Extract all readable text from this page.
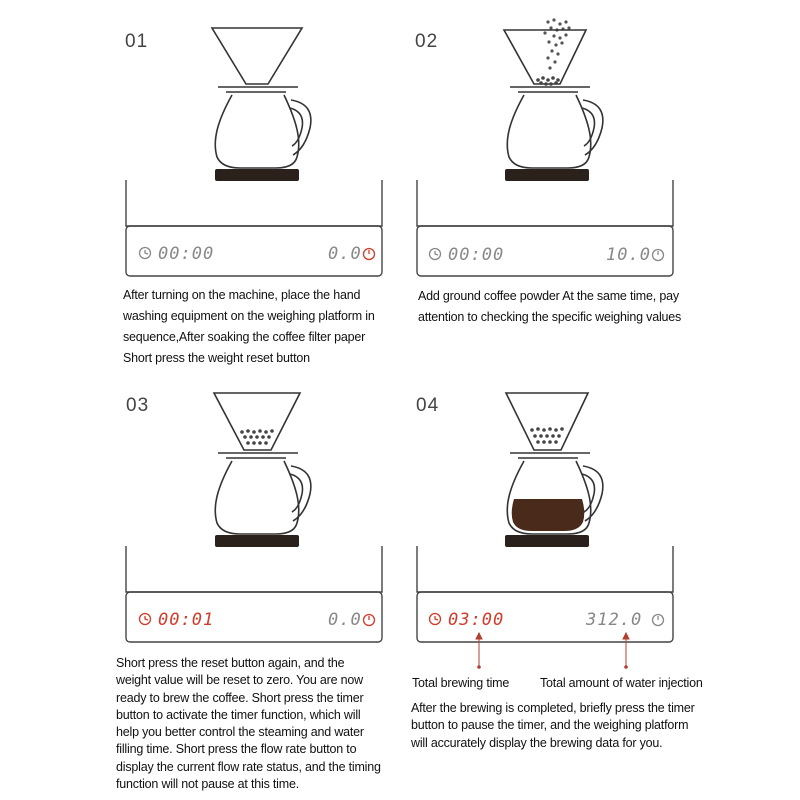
01
00:00	0.0
After turning on the machine, place the hand washing equipment on the weighing platform in sequence,After soaking the coffee filter paper Short press the weight reset button
02
00:00	10.0
Add ground coffee powder At the same time, pay attention to checking the specific weighing values
03
00:01	0.0
Short press the reset button again, and the weight value will be reset to zero. You are now ready to brew the coffee. Short press the timer button to activate the timer function, which will help you better control the steaming and water filling time. Short press the flow rate button to display the current flow rate status, and the timing function will not pause at this time.
04
03:00	312.0
Total brewing time Total amount of water injection
After the brewing is completed, briefly press the timer button to pause the timer, and the weighing platform will accurately display the brewing data for you.
